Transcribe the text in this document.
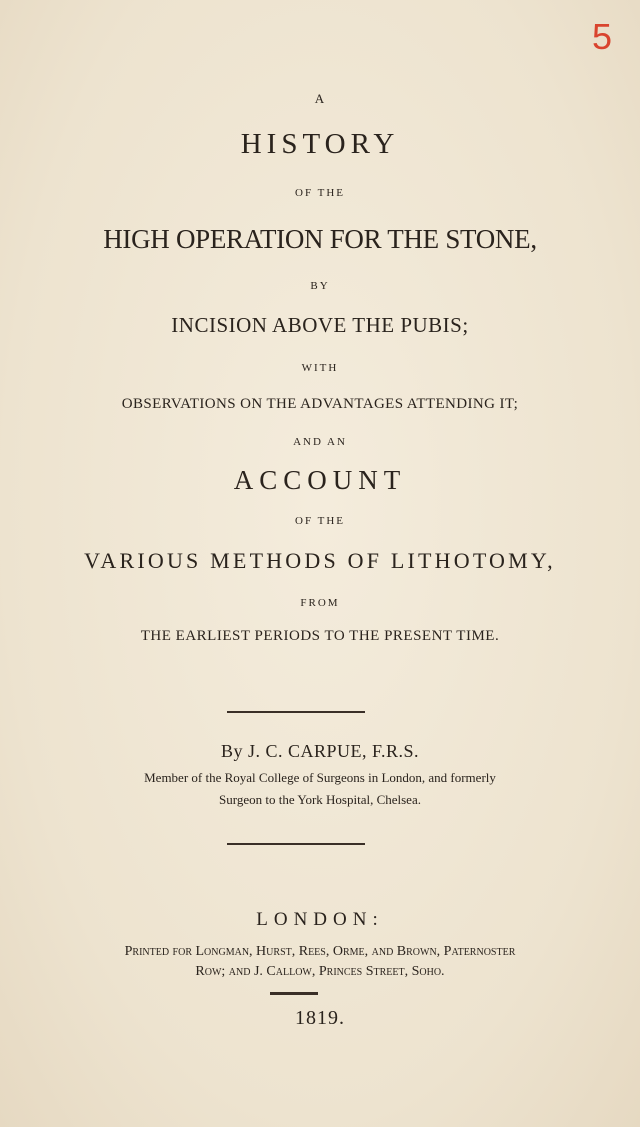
5
A
HISTORY
OF THE
HIGH OPERATION FOR THE STONE,
BY
INCISION ABOVE THE PUBIS;
WITH
OBSERVATIONS ON THE ADVANTAGES ATTENDING IT;
AND AN
ACCOUNT
OF THE
VARIOUS METHODS OF LITHOTOMY,
FROM
THE EARLIEST PERIODS TO THE PRESENT TIME.
By J. C. CARPUE, F.R.S.
Member of the Royal College of Surgeons in London, and formerly
Surgeon to the York Hospital, Chelsea.
LONDON:
Printed for Longman, Hurst, Rees, Orme, and Brown, Paternoster
Row; and J. Callow, Princes Street, Soho.
1819.
